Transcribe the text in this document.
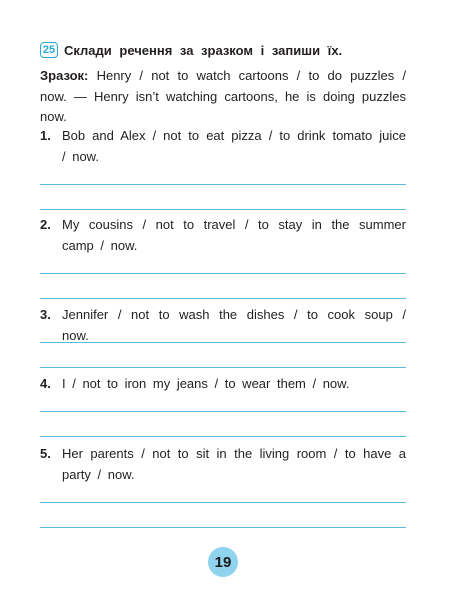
25 Склади речення за зразком і запиши їх.
Зразок: Henry / not to watch cartoons / to do puzzles / now. — Henry isn’t watching cartoons, he is doing puzzles now.
1. Bob and Alex / not to eat pizza / to drink tomato juice / now.
2. My cousins / not to travel / to stay in the summer camp / now.
3. Jennifer / not to wash the dishes / to cook soup / now.
4. I / not to iron my jeans / to wear them / now.
5. Her parents / not to sit in the living room / to have a party / now.
19
